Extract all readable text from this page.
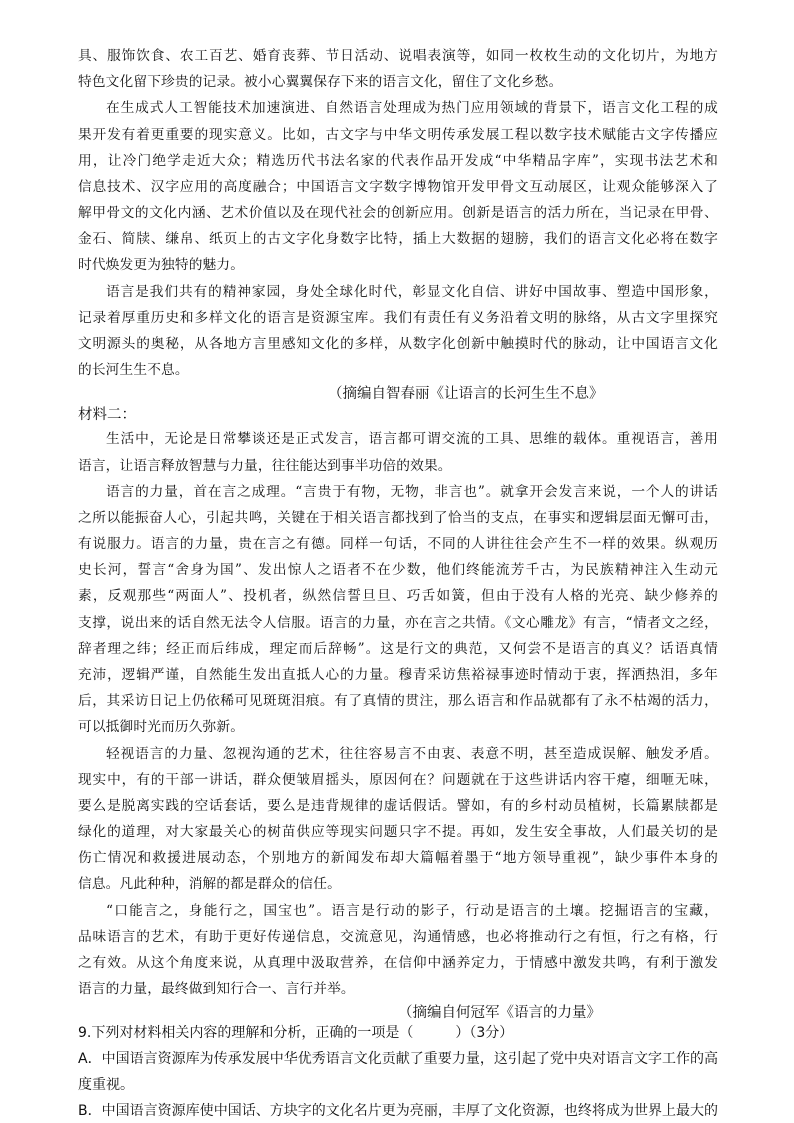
具、服饰饮食、农工百艺、婚育丧葬、节日活动、说唱表演等，如同一枚枚生动的文化切片，为地方
特色文化留下珍贵的记录。被小心翼翼保存下来的语言文化，留住了文化乡愁。
在生成式人工智能技术加速演进、自然语言处理成为热门应用领域的背景下，语言文化工程的成
果开发有着更重要的现实意义。比如，古文字与中华文明传承发展工程以数字技术赋能古文字传播应
用，让冷门绝学走近大众；精选历代书法名家的代表作品开发成“中华精品字库”，实现书法艺术和
信息技术、汉字应用的高度融合；中国语言文字数字博物馆开发甲骨文互动展区，让观众能够深入了
解甲骨文的文化内涵、艺术价值以及在现代社会的创新应用。创新是语言的活力所在，当记录在甲骨、
金石、简牍、缣帛、纸页上的古文字化身数字比特，插上大数据的翅膀，我们的语言文化必将在数字
时代焕发更为独特的魅力。
语言是我们共有的精神家园，身处全球化时代，彰显文化自信、讲好中国故事、塑造中国形象，
记录着厚重历史和多样文化的语言是资源宝库。我们有责任有义务沿着文明的脉络，从古文字里探究
文明源头的奥秘，从各地方言里感知文化的多样，从数字化创新中触摸时代的脉动，让中国语言文化
的长河生生不息。
（摘编自智春丽《让语言的长河生生不息》
材料二：
生活中，无论是日常攀谈还是正式发言，语言都可谓交流的工具、思维的载体。重视语言，善用
语言，让语言释放智慧与力量，往往能达到事半功倍的效果。
语言的力量，首在言之成理。“言贵于有物，无物，非言也”。就拿开会发言来说，一个人的讲话
之所以能振奋人心，引起共鸣，关键在于相关语言都找到了恰当的支点，在事实和逻辑层面无懈可击，
有说服力。语言的力量，贵在言之有德。同样一句话，不同的人讲往往会产生不一样的效果。纵观历
史长河，誓言“舍身为国”、发出惊人之语者不在少数，他们终能流芳千古，为民族精神注入生动元
素，反观那些“两面人”、投机者，纵然信誓旦旦、巧舌如簧，但由于没有人格的光亮、缺少修养的
支撑，说出来的话自然无法令人信服。语言的力量，亦在言之共情。《文心雕龙》有言，“情者文之经，
辞者理之纬；经正而后纬成，理定而后辞畅”。这是行文的典范，又何尝不是语言的真义？话语真情
充沛，逻辑严谨，自然能生发出直抵人心的力量。穆青采访焦裕禄事迹时情动于衷，挥洒热泪，多年
后，其采访日记上仍依稀可见斑斑泪痕。有了真情的贯注，那么语言和作品就都有了永不枯竭的活力，
可以抵御时光而历久弥新。
轻视语言的力量、忽视沟通的艺术，往往容易言不由衷、表意不明，甚至造成误解、触发矛盾。
现实中，有的干部一讲话，群众便皱眉摇头，原因何在？问题就在于这些讲话内容干瘪，细咂无味，
要么是脱离实践的空话套话，要么是违背规律的虚话假话。譬如，有的乡村动员植树，长篇累牍都是
绿化的道理，对大家最关心的树苗供应等现实问题只字不提。再如，发生安全事故，人们最关切的是
伤亡情况和救援进展动态，个别地方的新闻发布却大篇幅着墨于“地方领导重视”，缺少事件本身的
信息。凡此种种，消解的都是群众的信任。
“口能言之，身能行之，国宝也”。语言是行动的影子，行动是语言的土壤。挖掘语言的宝藏，
品味语言的艺术，有助于更好传递信息，交流意见，沟通情感，也必将推动行之有恒，行之有格，行
之有效。从这个角度来说，从真理中汲取营养，在信仰中涵养定力，于情感中激发共鸣，有利于激发
语言的力量，最终做到知行合一、言行并举。
（摘编自何冠军《语言的力量》
9.下列对材料相关内容的理解和分析，正确的一项是（　　　）（3分）
A．中国语言资源库为传承发展中华优秀语言文化贡献了重要力量，这引起了党中央对语言文字工作的高
度重视。
B．中国语言资源库使中国话、方块字的文化名片更为亮丽，丰厚了文化资源，也终将成为世界上最大的
